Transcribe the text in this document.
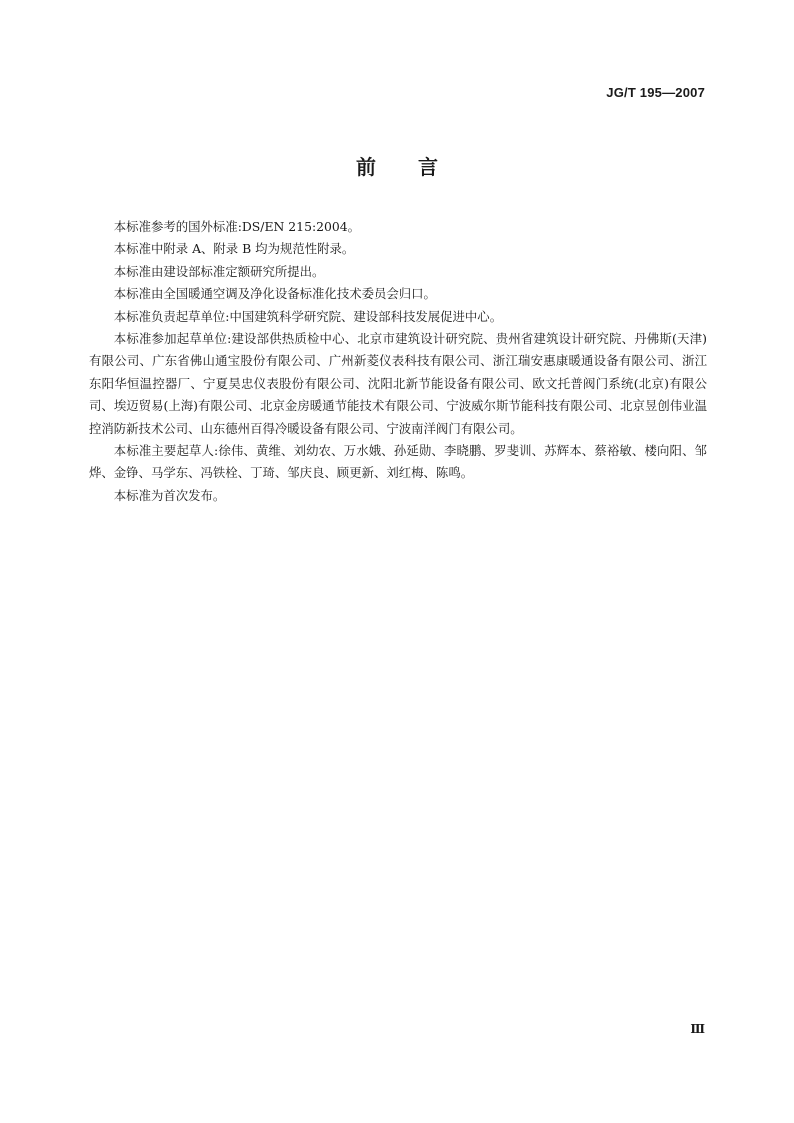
JG/T 195—2007
前言

本标准参考的国外标准:DS/EN 215:2004。

本标准中附录 A、附录 B 均为规范性附录。

本标准由建设部标准定额研究所提出。

本标准由全国暖通空调及净化设备标准化技术委员会归口。

本标准负责起草单位:中国建筑科学研究院、建设部科技发展促进中心。

本标准参加起草单位:建设部供热质检中心、北京市建筑设计研究院、贵州省建筑设计研究院、丹佛斯(天津)有限公司、广东省佛山通宝股份有限公司、广州新菱仪表科技有限公司、浙江瑞安惠康暖通设备有限公司、浙江东阳华恒温控器厂、宁夏昊忠仪表股份有限公司、沈阳北新节能设备有限公司、欧文托普阀门系统(北京)有限公司、埃迈贸易(上海)有限公司、北京金房暖通节能技术有限公司、宁波威尔斯节能科技有限公司、北京昱创伟业温控消防新技术公司、山东德州百得冷暖设备有限公司、宁波南洋阀门有限公司。

本标准主要起草人:徐伟、黄维、刘幼农、万水娥、孙延勋、李晓鹏、罗斐训、苏辉本、蔡裕敏、楼向阳、邹烨、金铮、马学东、冯铁栓、丁琦、邹庆良、顾更新、刘红梅、陈鸣。

本标准为首次发布。

Ⅲ
